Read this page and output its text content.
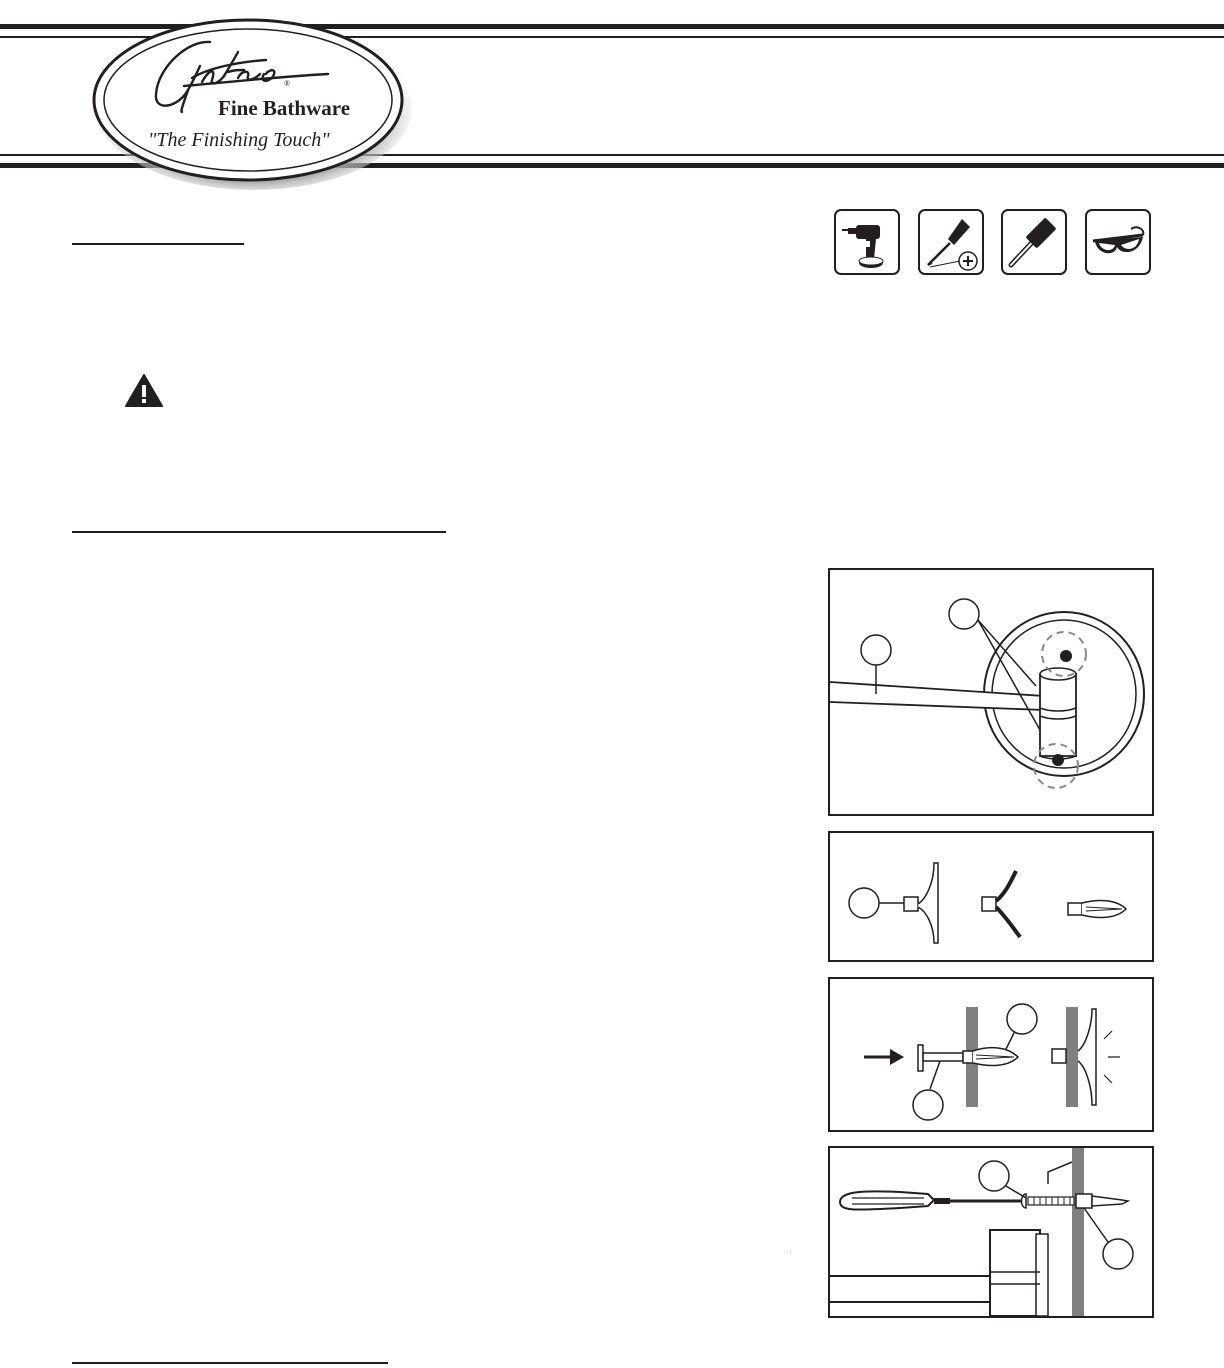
®
Fine Bathware
"The Finishing Touch"
